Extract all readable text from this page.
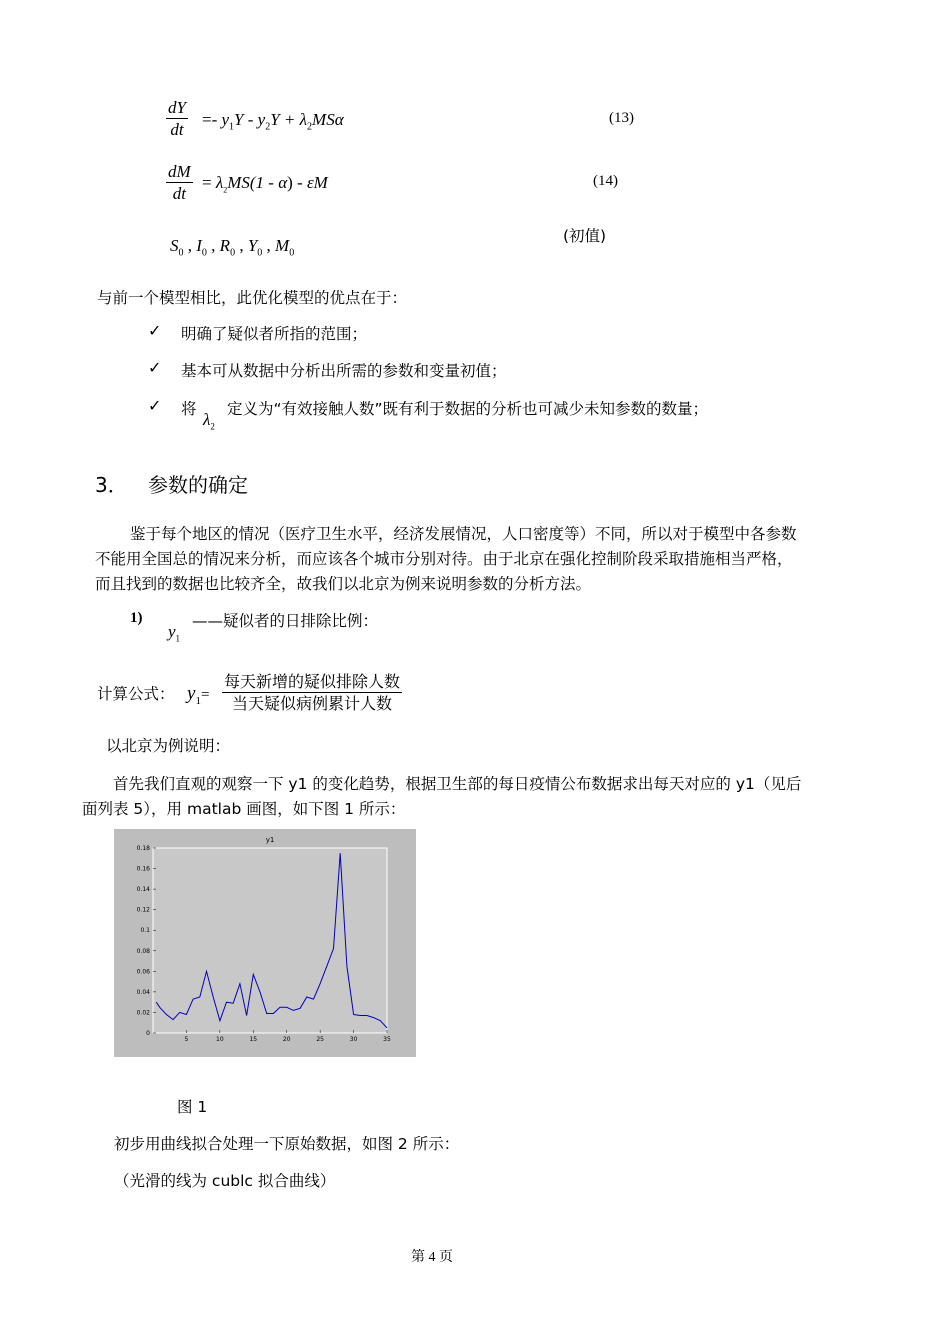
$\frac{dY}{dt} =- y_1Y - y_2Y + \lambda_2MS\alpha$	(13)
$\frac{dM}{dt} = \lambda_2MS(1 - \alpha) - \varepsilon M$	(14)
$S_0$ , $I_0$ , $R_0$ , $Y_0$ , $M_0$
(初值)
与前一个模型相比，此优化模型的优点在于：
✓ 明确了疑似者所指的范围；
✓ 基本可从数据中分析出所需的参数和变量初值；
✓ 将
$\lambda_2$
定义为“有效接触人数”既有利于数据的分析也可减少未知参数的数量；
3． 参数的确定
鉴于每个地区的情况（医疗卫生水平，经济发展情况，人口密度等）不同，所以对于模型中各参数
不能用全国总的情况来分析，而应该各个城市分别对待。由于北京在强化控制阶段采取措施相当严格，
而且找到的数据也比较齐全，故我们以北京为例来说明参数的分析方法。
1)
$y_1$
——疑似者的日排除比例：
计算公式： $y_1=$
每天新增的疑似排除人数
当天疑似病例累计人数
以北京为例说明：
首先我们直观的观察一下 y1 的变化趋势，根据卫生部的每日疫情公布数据求出每天对应的 y1（见后
面列表 5），用 matlab 画图，如下图 1 所示：
y1
0
0.02
0.04
0.06
0.08
0.1
0.12
0.14
0.16
0.18
5	10	15	20	25	30	35
图 1
初步用曲线拟合处理一下原始数据，如图 2 所示：
（光滑的线为 cublc 拟合曲线）
第 4 页
